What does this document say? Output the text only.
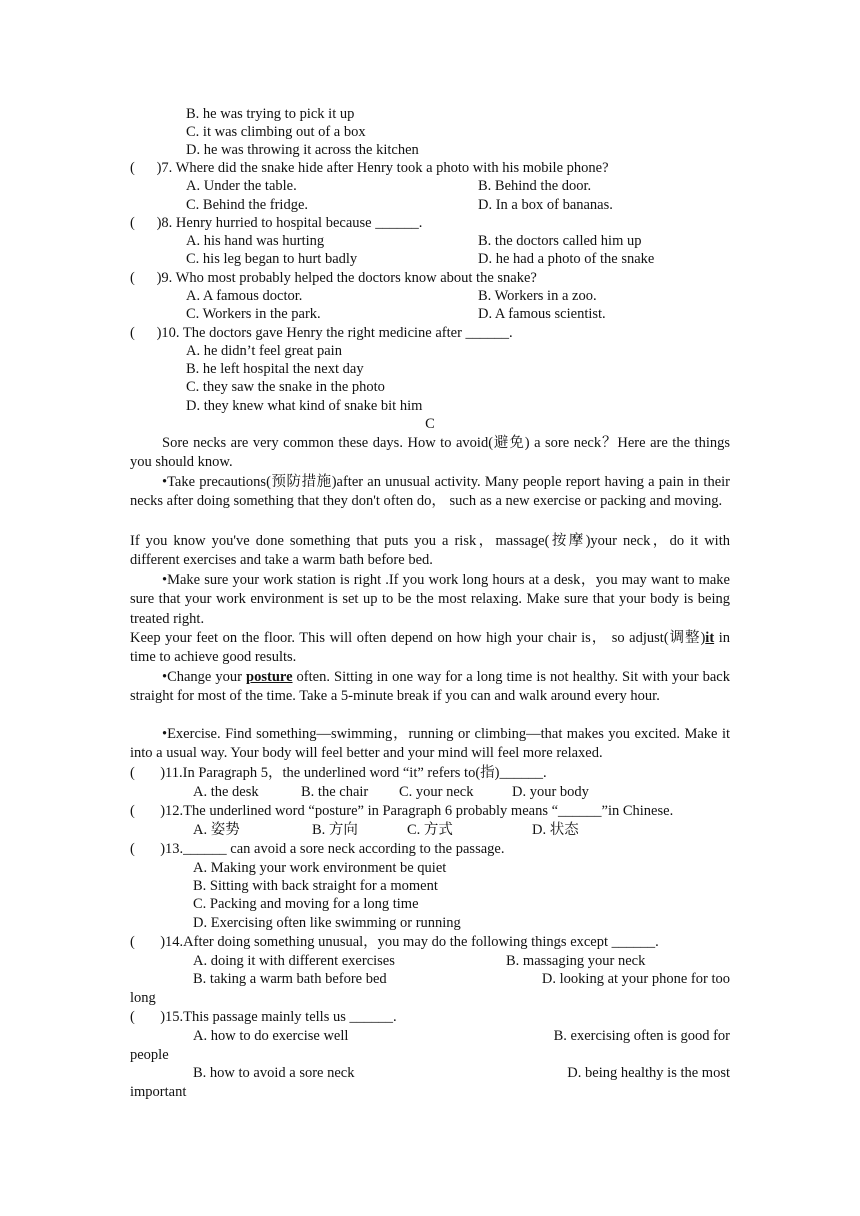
B. he was trying to pick it up
C. it was climbing out of a box
D. he was throwing it across the kitchen
(      )7. Where did the snake hide after Henry took a photo with his mobile phone?
A. Under the table.	B. Behind the door.
C. Behind the fridge.	D. In a box of bananas.
(      )8. Henry hurried to hospital because ______.
A. his hand was hurting	B. the doctors called him up
C. his leg began to hurt badly	D. he had a photo of the snake
(      )9. Who most probably helped the doctors know about the snake?
A. A famous doctor.	B. Workers in a zoo.
C. Workers in the park.	D. A famous scientist.
(      )10. The doctors gave Henry the right medicine after ______.
A. he didn’t feel great pain
B. he left hospital the next day
C. they saw the snake in the photo
D. they knew what kind of snake bit him
C
Sore necks are very common these days. How to avoid(避免) a sore neck？Here are the things you should know.
•Take precautions(预防措施)after an unusual activity. Many people report having a pain in their necks after doing something that they don't often do， such as a new exercise or packing and moving.
If you know you've done something that puts you a risk，massage(按摩)your neck，do it with different exercises and take a warm bath before bed.
•Make sure your work station is right .If you work long hours at a desk，you may want to make sure that your work environment is set up to be the most relaxing. Make sure that your body is being treated right.
Keep your feet on the floor. This will often depend on how high your chair is， so adjust(调整)it in time to achieve good results.
•Change your posture often. Sitting in one way for a long time is not healthy. Sit with your back straight for most of the time. Take a 5-minute break if you can and walk around every hour.
•Exercise. Find something—swimming，running or climbing—that makes you excited. Make it into a usual way. Your body will feel better and your mind will feel more relaxed.
(       )11.In Paragraph 5，the underlined word “it” refers to(指)______.
A. the desk	B. the chair C. your neck	D. your body
(       )12.The underlined word “posture” in Paragraph 6 probably means “______”in Chinese.
A. 姿势	B. 方向	C. 方式	D. 状态
(       )13.______ can avoid a sore neck according to the passage.
A. Making your work environment be quiet
B. Sitting with back straight for a moment
C. Packing and moving for a long time
D. Exercising often like swimming or running
(       )14.After doing something unusual，you may do the following things except ______.
A. doing it with different exercises	B. massaging your neck
B. taking a warm bath before bed	D. looking at your phone for too
long
(       )15.This passage mainly tells us ______.
A. how to do exercise well	B. exercising often is good for
people
B. how to avoid a sore neck	D. being healthy is the most
important
